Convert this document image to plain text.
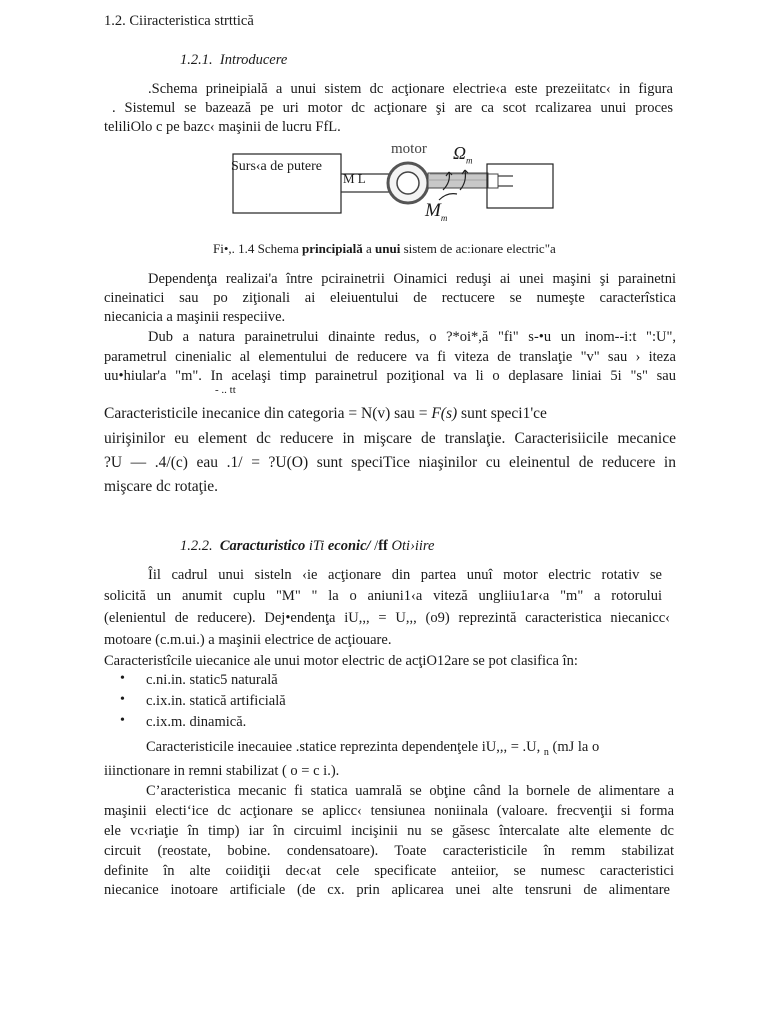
1.2. Ciiracteristica strttică
1.2.1. Introducere
.Schema prineipială a unui sistem dc acţionare electrie‹a este prezeiitatc‹ in figura
. Sistemul se bazează pe uri motor dc acţionare şi are ca scot rcalizarea unui proces
teliliOlo c pe bazc‹ maşinii de lucru FfL.
Surs‹a de putere
M L
motor $\Omega_m$
$M_m$
Fi•,. 1.4 Schema principială a unui sistem de ac:ionare electric"a
Dependenţa realizai'a între pcirainetrii Oinamici reduşi ai unei maşini şi parainetni
cineinatici sau po ziţionali ai eleiuentului de rectucere se numeşte caracterîstica
niecanicia a maşinii respeciive.
Dub a natura parainetrului dinainte redus, o ?*oi*,ă "fi" s-•u un inom--i:t ":U",
parametrul cinenialic al elementului de reducere va fi viteza de translaţie "v" sau › iteza
uu•hiular'a "m". In acelaşi timp parainetrul poziţional va li o deplasare liniai 5i "s" sau
- .. tt
Caracteristicile inecanice din categoria = N(v) sau = F(s) sunt speci1'ce
uirişinilor eu element dc reducere in mişcare de translaţie. Caracterisiicile mecanice
?U — .4/(c) eau .1/ = ?U(O) sunt speciTice niaşinilor cu eleinentul de reducere in
mişcare dc rotaţie.
1.2.2. Caracturistico iTi econic/ /ff Oti›iire
Îil cadrul unui sisteln ‹ie acţionare din partea unuî motor electric rotativ se
solicită un anumit cuplu "M" " la o aniuni1‹a viteză ungliiu1ar‹a "m" a rotorului
(elenientul de reducere). Dej•endenţa iU,,, = U,,, (o9) reprezintă caracteristica niecanicc‹
motoare (c.m.ui.) a maşinii electrice de acţiouare.
Caracteristîcile uiecanice ale unui motor electric de acţiO12are se pot clasifica în:
• c.ni.in. static5 naturală
• c.ix.in. statică artificială
• c.ix.m. dinamică.
Caracteristicile inecauiee .statice reprezinta dependenţele iU,,, = .U, $_n$ (mJ la o
iiinctionare in remni stabilizat ( o = c i.).
C’aracteristica mecanic fi statica uamrală se obţine când la bornele de alimentare a
maşinii electi‘ice dc acţionare se aplicc‹ tensiunea noniinala (valoare. frecvenţii si forma
ele vc‹riaţie în timp) iar în circuiml incişinii nu se găsesc întercalate alte elemente dc
circuit (reostate, bobine. condensatoare). Toate caracteristicile în remm stabilizat
definite în alte coiidiţii dec‹at cele specificate anteiior, se numesc caracteristici
niecanice inotoare artificiale (de cx. prin aplicarea unei alte tensruni de alimentare
